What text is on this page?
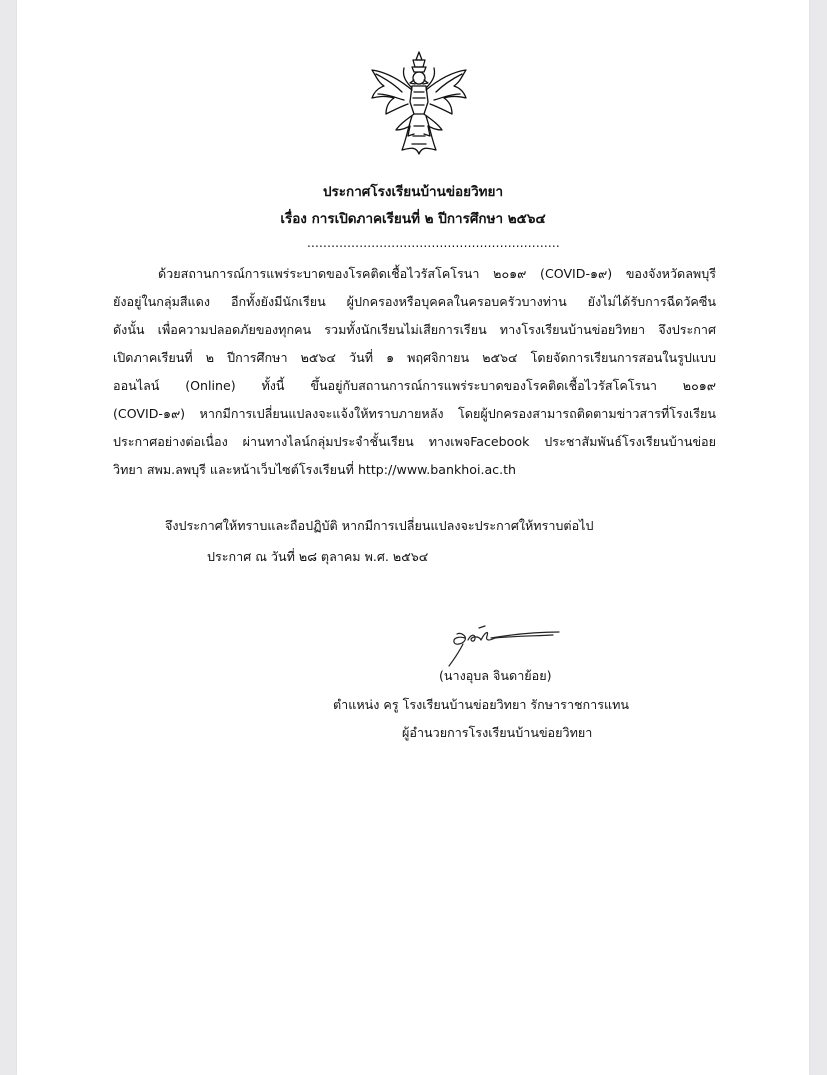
ประกาศโรงเรียนบ้านข่อยวิทยา
เรื่อง การเปิดภาคเรียนที่ ๒ ปีการศึกษา ๒๕๖๔
...............................................................
ด้วยสถานการณ์การแพร่ระบาดของโรคติดเชื้อไวรัสโคโรนา ๒๐๑๙ (COVID-๑๙) ของจังหวัดลพบุรี
ยังอยู่ในกลุ่มสีแดง อีกทั้งยังมีนักเรียน ผู้ปกครองหรือบุคคลในครอบครัวบางท่าน ยังไม่ได้รับการฉีดวัคซีน
ดังนั้น เพื่อความปลอดภัยของทุกคน รวมทั้งนักเรียนไม่เสียการเรียน ทางโรงเรียนบ้านข่อยวิทยา จึงประกาศ
เปิดภาคเรียนที่ ๒ ปีการศึกษา ๒๕๖๔ วันที่ ๑ พฤศจิกายน ๒๕๖๔ โดยจัดการเรียนการสอนในรูปแบบ
ออนไลน์ (Online) ทั้งนี้ ขึ้นอยู่กับสถานการณ์การแพร่ระบาดของโรคติดเชื้อไวรัสโคโรนา ๒๐๑๙
(COVID-๑๙) หากมีการเปลี่ยนแปลงจะแจ้งให้ทราบภายหลัง โดยผู้ปกครองสามารถติดตามข่าวสารที่โรงเรียน
ประกาศอย่างต่อเนื่อง ผ่านทางไลน์กลุ่มประจำชั้นเรียน ทางเพจFacebook ประชาสัมพันธ์โรงเรียนบ้านข่อย
วิทยา สพม.ลพบุรี และหน้าเว็บไซต์โรงเรียนที่ http://www.bankhoi.ac.th
จึงประกาศให้ทราบและถือปฏิบัติ หากมีการเปลี่ยนแปลงจะประกาศให้ทราบต่อไป
ประกาศ ณ วันที่ ๒๘ ตุลาคม พ.ศ. ๒๕๖๔
(นางอุบล จินดาย้อย)
ตำแหน่ง ครู โรงเรียนบ้านข่อยวิทยา รักษาราชการแทน
ผู้อำนวยการโรงเรียนบ้านข่อยวิทยา
